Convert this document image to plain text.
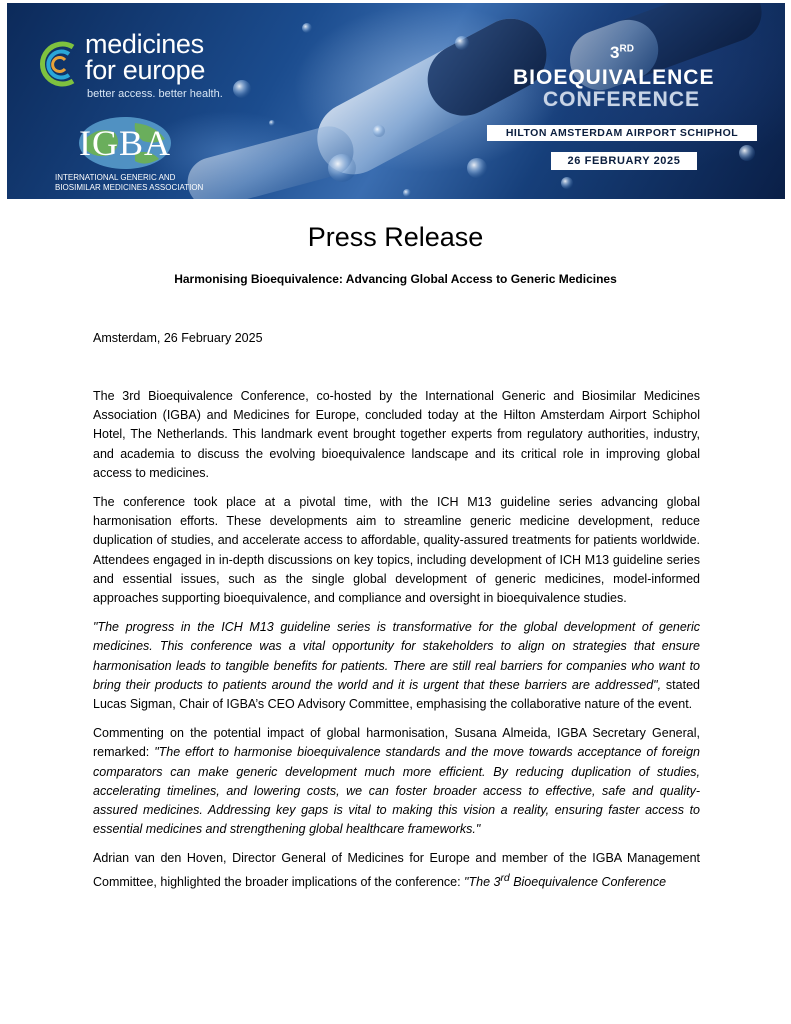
medicines
for europe
better access. better health.
IGBA
INTERNATIONAL GENERIC AND
BIOSIMILAR MEDICINES ASSOCIATION
3RD
BIOEQUIVALENCE
CONFERENCE
HILTON AMSTERDAM AIRPORT SCHIPHOL
26 FEBRUARY 2025
Press Release
Harmonising Bioequivalence: Advancing Global Access to Generic Medicines
Amsterdam, 26 February 2025

The 3rd Bioequivalence Conference, co-hosted by the International Generic and Biosimilar Medicines Association (IGBA) and Medicines for Europe, concluded today at the Hilton Amsterdam Airport Schiphol Hotel, The Netherlands. This landmark event brought together experts from regulatory authorities, industry, and academia to discuss the evolving bioequivalence landscape and its critical role in improving global access to medicines.

The conference took place at a pivotal time, with the ICH M13 guideline series advancing global harmonisation efforts. These developments aim to streamline generic medicine development, reduce duplication of studies, and accelerate access to affordable, quality-assured treatments for patients worldwide. Attendees engaged in in-depth discussions on key topics, including development of ICH M13 guideline series and essential issues, such as the single global development of generic medicines, model-informed approaches supporting bioequivalence, and compliance and oversight in bioequivalence studies.

"The progress in the ICH M13 guideline series is transformative for the global development of generic medicines. This conference was a vital opportunity for stakeholders to align on strategies that ensure harmonisation leads to tangible benefits for patients. There are still real barriers for companies who want to bring their products to patients around the world and it is urgent that these barriers are addressed", stated Lucas Sigman, Chair of IGBA’s CEO Advisory Committee, emphasising the collaborative nature of the event.

Commenting on the potential impact of global harmonisation, Susana Almeida, IGBA Secretary General, remarked: "The effort to harmonise bioequivalence standards and the move towards acceptance of foreign comparators can make generic development much more efficient. By reducing duplication of studies, accelerating timelines, and lowering costs, we can foster broader access to effective, safe and quality-assured medicines. Addressing key gaps is vital to making this vision a reality, ensuring faster access to essential medicines and strengthening global healthcare frameworks."

Adrian van den Hoven, Director General of Medicines for Europe and member of the IGBA Management Committee, highlighted the broader implications of the conference: "The 3rd Bioequivalence Conference
